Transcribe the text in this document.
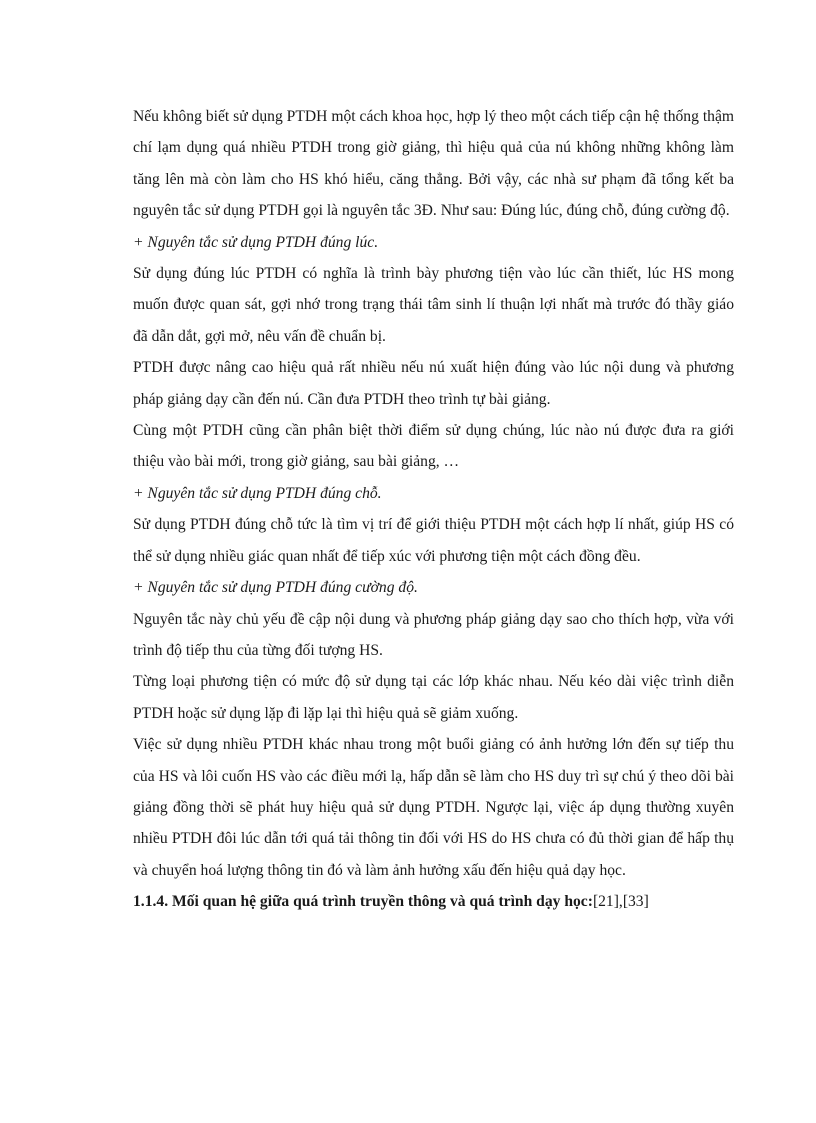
Nếu không biết sử dụng PTDH một cách khoa học, hợp lý theo một cách tiếp cận hệ thống thậm chí lạm dụng quá nhiều PTDH trong giờ giảng, thì hiệu quả của nú không những không làm tăng lên mà còn làm cho HS khó hiểu, căng thẳng. Bởi vậy, các nhà sư phạm đã tổng kết ba nguyên tắc sử dụng PTDH gọi là nguyên tắc 3Đ. Như sau: Đúng lúc, đúng chỗ, đúng cường độ.

+ Nguyên tắc sử dụng PTDH đúng lúc.

Sử dụng đúng lúc PTDH có nghĩa là trình bày phương tiện vào lúc cần thiết, lúc HS mong muốn được quan sát, gợi nhớ trong trạng thái tâm sinh lí thuận lợi nhất mà trước đó thầy giáo đã dẫn dắt, gợi mở, nêu vấn đề chuẩn bị.

PTDH được nâng cao hiệu quả rất nhiều nếu nú xuất hiện đúng vào lúc nội dung và phương pháp giảng dạy cần đến nú. Cần đưa PTDH theo trình tự bài giảng.

Cùng một PTDH cũng cần phân biệt thời điểm sử dụng chúng, lúc nào nú được đưa ra giới thiệu vào bài mới, trong giờ giảng, sau bài giảng, …

+ Nguyên tắc sử dụng PTDH đúng chỗ.

Sử dụng PTDH đúng chỗ tức là tìm vị trí để giới thiệu PTDH một cách hợp lí nhất, giúp HS có thể sử dụng nhiều giác quan nhất để tiếp xúc với phương tiện một cách đồng đều.

+ Nguyên tắc sử dụng PTDH đúng cường độ.

Nguyên tắc này chủ yếu đề cập nội dung và phương pháp giảng dạy sao cho thích hợp, vừa với trình độ tiếp thu của từng đối tượng HS.

Từng loại phương tiện có mức độ sử dụng tại các lớp khác nhau. Nếu kéo dài việc trình diễn PTDH hoặc sử dụng lặp đi lặp lại thì hiệu quả sẽ giảm xuống.

Việc sử dụng nhiều PTDH khác nhau trong một buổi giảng có ảnh hưởng lớn đến sự tiếp thu của HS và lôi cuốn HS vào các điều mới lạ, hấp dẫn sẽ làm cho HS duy trì sự chú ý theo dõi bài giảng đồng thời sẽ phát huy hiệu quả sử dụng PTDH. Ngược lại, việc áp dụng thường xuyên nhiều PTDH đôi lúc dẫn tới quá tải thông tin đối với HS do HS chưa có đủ thời gian để hấp thụ và chuyển hoá lượng thông tin đó và làm ảnh hưởng xấu đến hiệu quả dạy học.

1.1.4. Mối quan hệ giữa quá trình truyền thông và quá trình dạy học:[21],[33]
